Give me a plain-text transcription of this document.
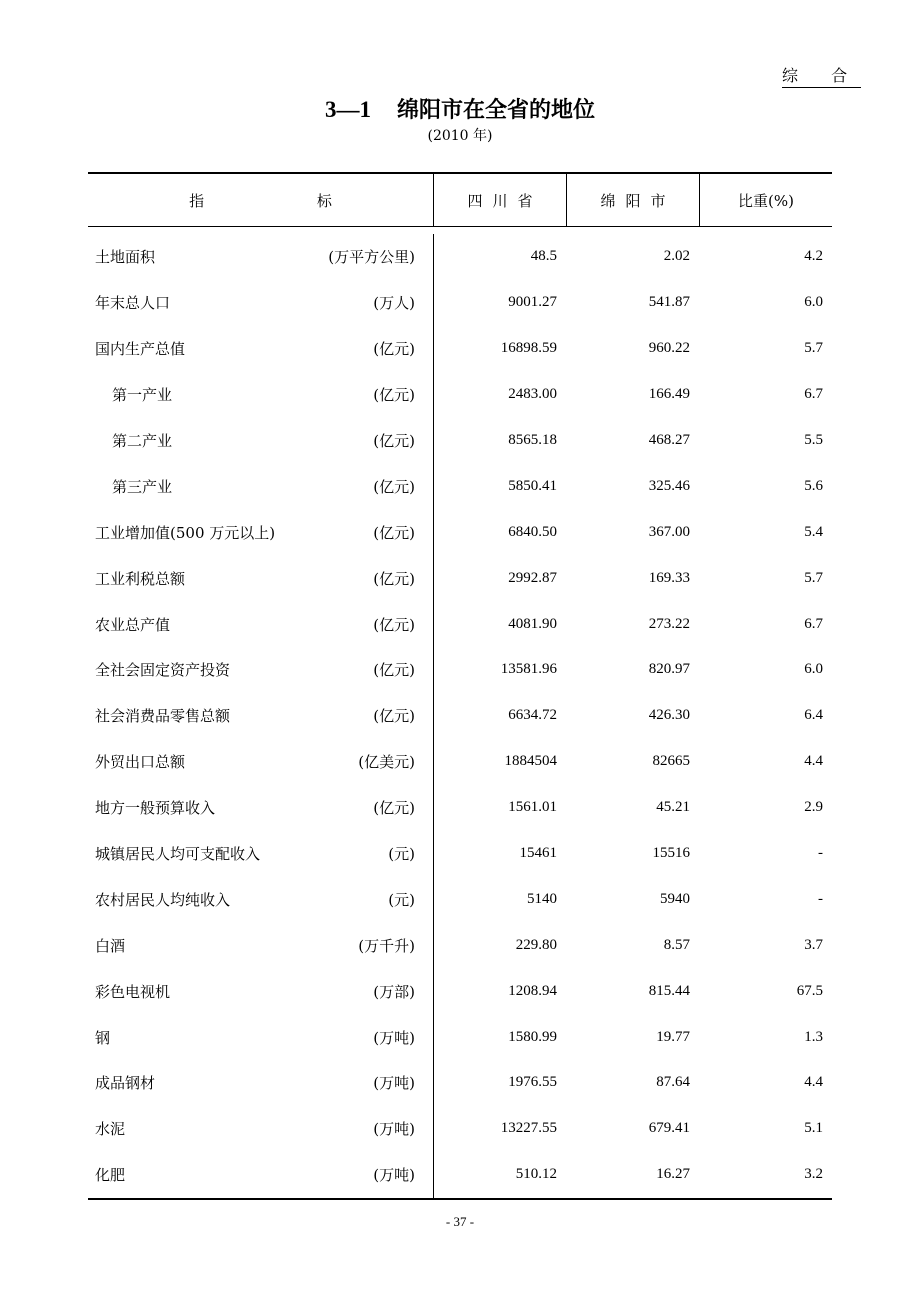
综 合
3—1 绵阳市在全省的地位
(2010 年)
指 标	四川省	绵阳市	比重(%)
土地面积	(万平方公里)	48.5	2.02	4.2
年末总人口	(万人)	9001.27	541.87	6.0
国内生产总值	(亿元)	16898.59	960.22	5.7
第一产业	(亿元)	2483.00	166.49	6.7
第二产业	(亿元)	8565.18	468.27	5.5
第三产业	(亿元)	5850.41	325.46	5.6
工业增加值(500 万元以上)	(亿元)	6840.50	367.00	5.4
工业利税总额	(亿元)	2992.87	169.33	5.7
农业总产值	(亿元)	4081.90	273.22	6.7
全社会固定资产投资	(亿元)	13581.96	820.97	6.0
社会消费品零售总额	(亿元)	6634.72	426.30	6.4
外贸出口总额	(亿美元)	1884504	82665	4.4
地方一般预算收入	(亿元)	1561.01	45.21	2.9
城镇居民人均可支配收入	(元)	15461	15516	-
农村居民人均纯收入	(元)	5140	5940	-
白酒	(万千升)	229.80	8.57	3.7
彩色电视机	(万部)	1208.94	815.44	67.5
钢	(万吨)	1580.99	19.77	1.3
成品钢材	(万吨)	1976.55	87.64	4.4
水泥	(万吨)	13227.55	679.41	5.1
化肥	(万吨)	510.12	16.27	3.2
- 37 -
